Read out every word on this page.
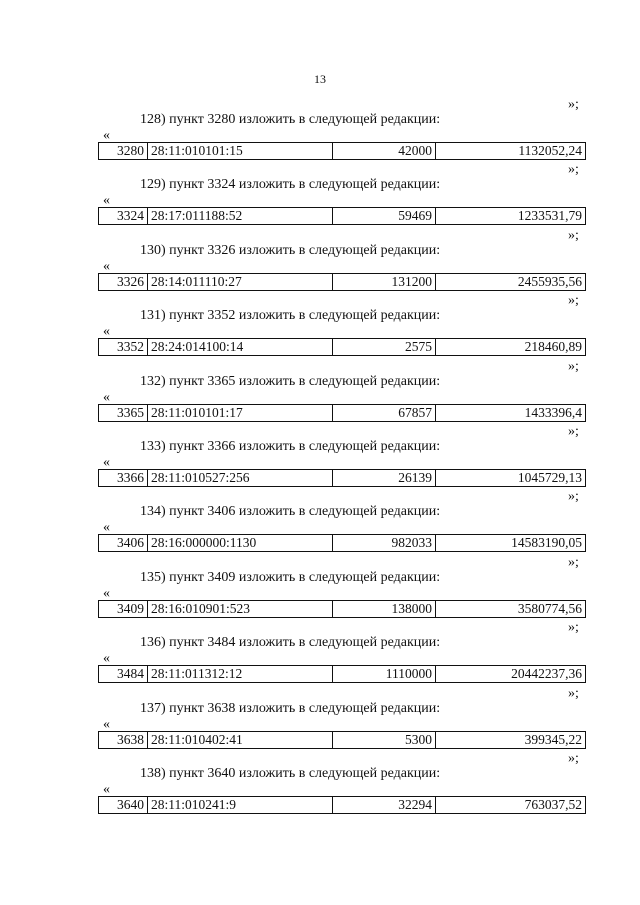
13
»;
128) пункт 3280 изложить в следующей редакции:
«
3280	28:11:010101:15	42000	1132052,24
»;
129) пункт 3324 изложить в следующей редакции:
«
3324	28:17:011188:52	59469	1233531,79
»;
130) пункт 3326 изложить в следующей редакции:
«
3326	28:14:011110:27	131200	2455935,56
»;
131) пункт 3352 изложить в следующей редакции:
«
3352	28:24:014100:14	2575	218460,89
»;
132) пункт 3365 изложить в следующей редакции:
«
3365	28:11:010101:17	67857	1433396,4
»;
133) пункт 3366 изложить в следующей редакции:
«
3366	28:11:010527:256	26139	1045729,13
»;
134) пункт 3406 изложить в следующей редакции:
«
3406	28:16:000000:1130	982033	14583190,05
»;
135) пункт 3409 изложить в следующей редакции:
«
3409	28:16:010901:523	138000	3580774,56
»;
136) пункт 3484 изложить в следующей редакции:
«
3484	28:11:011312:12	1110000	20442237,36
»;
137) пункт 3638 изложить в следующей редакции:
«
3638	28:11:010402:41	5300	399345,22
»;
138) пункт 3640 изложить в следующей редакции:
«
3640	28:11:010241:9	32294	763037,52
